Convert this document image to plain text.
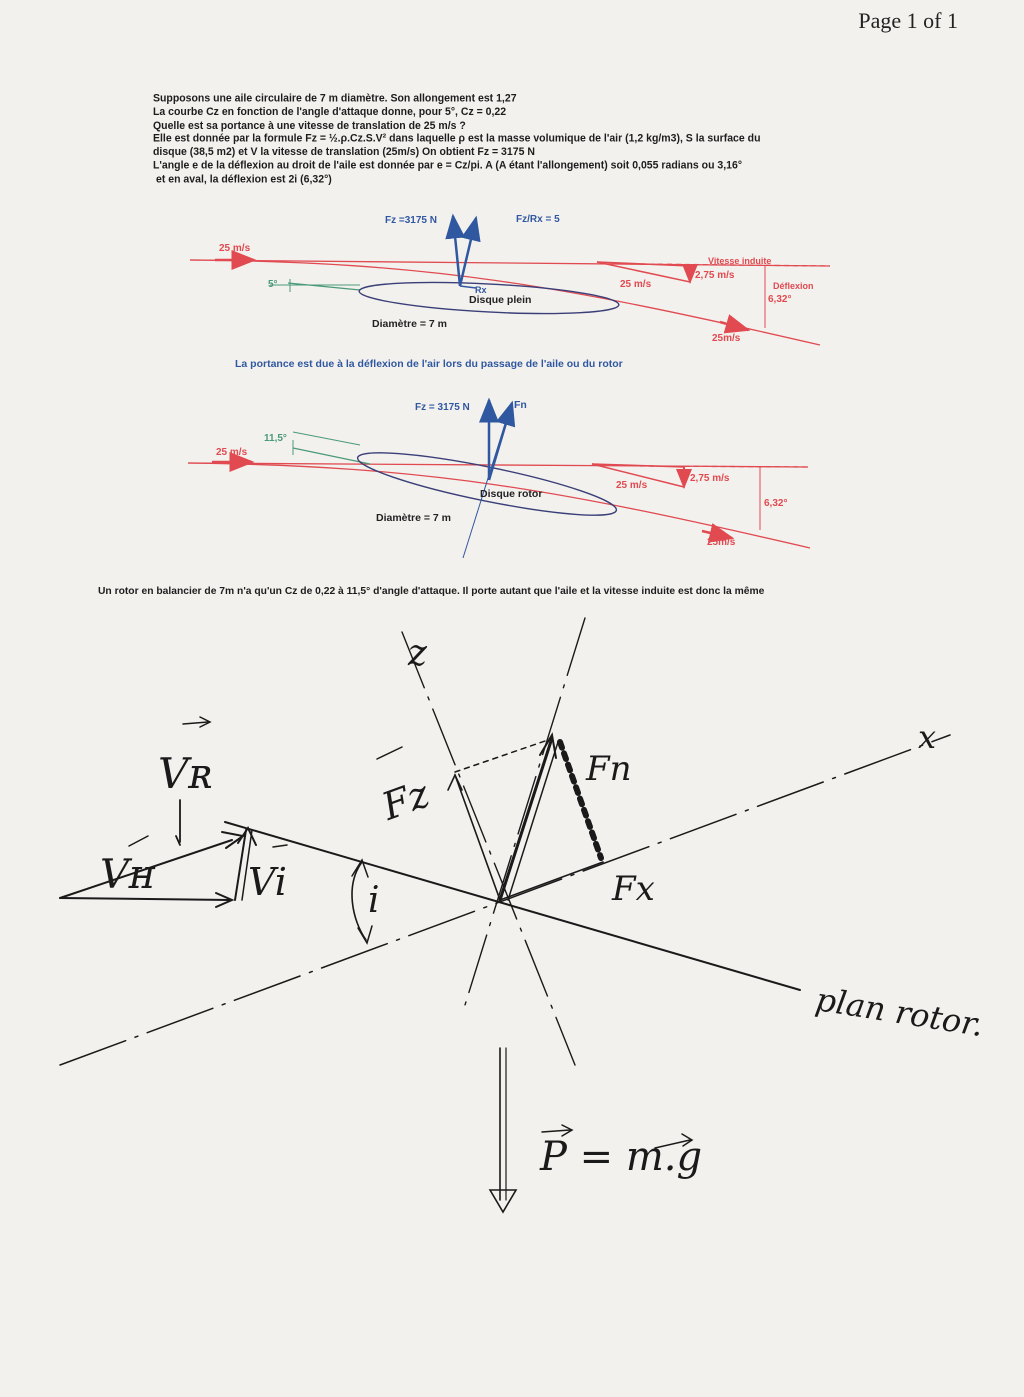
Page 1 of 1
Supposons une aile circulaire de 7 m diamètre. Son allongement est 1,27
La courbe Cz en fonction de l'angle d'attaque donne, pour 5°, Cz = 0,22
Quelle est sa portance à une vitesse de translation de 25 m/s ?
Elle est donnée par la formule Fz = ½.ρ.Cz.S.V² dans laquelle ρ est la masse volumique de l'air (1,2 kg/m3), S la surface du
disque (38,5 m2) et V la vitesse de translation (25m/s) On obtient Fz = 3175 N
L'angle e de la déflexion au droit de l'aile est donnée par e = Cz/pi. A (A étant l'allongement) soit 0,055 radians ou 3,16°
et en aval, la déflexion est 2i (6,32°)
Fz =3175 N	Fz/Rx = 5
25 m/s
5°	Rx
Disque plein
Diamètre = 7 m
Vitesse induite
2,75 m/s
25 m/s	Déflexion
6,32°
25m/s
La portance est due à la déflexion de l'air lors du passage de l'aile ou du rotor
Fz = 3175 N	Fn
11,5°
25 m/s
Disque rotor
Diamètre = 7 m
2,75 m/s
25 m/s
6,32°
25m/s
Un rotor en balancier de 7m n'a qu'un Cz de 0,22 à 11,5° d'angle d'attaque. Il porte autant que l'aile et la vitesse induite est donc la même
z
x
Vʀ
Vʜ Vi
Fz
Fn
Fx
i
plan rotor.
P = m.g
